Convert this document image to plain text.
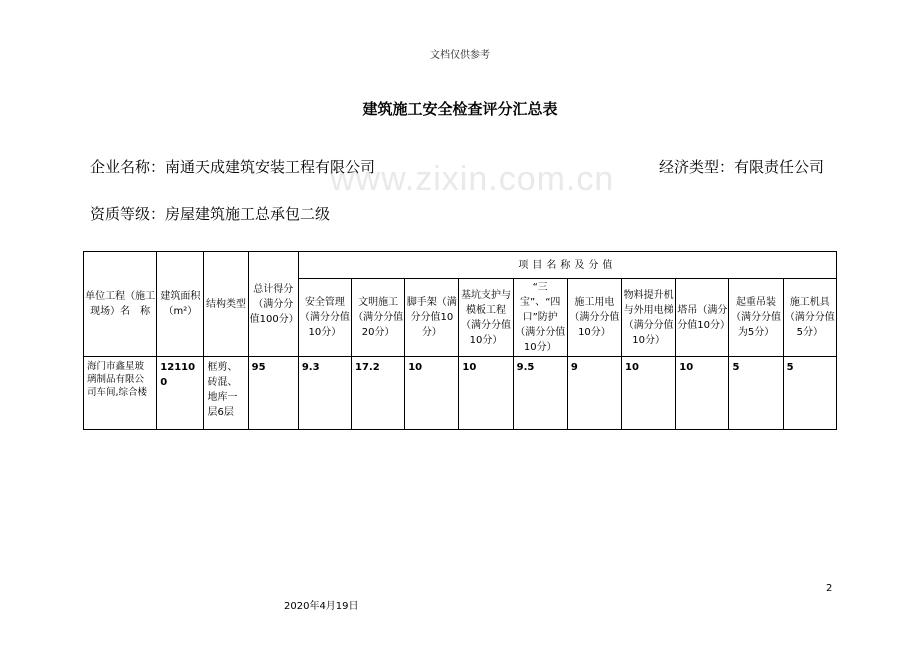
文档仅供参考
建筑施工安全检查评分汇总表
www.zixin.com.cn
企业名称：南通天成建筑安装工程有限公司	经济类型：有限责任公司
资质等级：房屋建筑施工总承包二级
单位工程（施工现场）名　称	建筑面积（m²）	结构类型	总计得分（满分分值100分）	项目名称及分值									
				安全管理（满分分值10分）	文明施工（满分分值20分）	脚手架（满分分值10分）	基坑支护与模板工程（满分分值10分）	“三宝”、“四口”防护（满分分值10分）	施工用电（满分分值10分）	物料提升机与外用电梯（满分分值10分）	塔吊（满分分值10分）	起重吊装（满分分值为5分）	施工机具（满分分值5分）
海门市鑫星玻璃制品有限公司车间,综合楼	121100	框剪、砖混、地库一层6层	95	9.3	17.2	10	10	9.5	9	10	10	5	5
2
2020年4月19日
